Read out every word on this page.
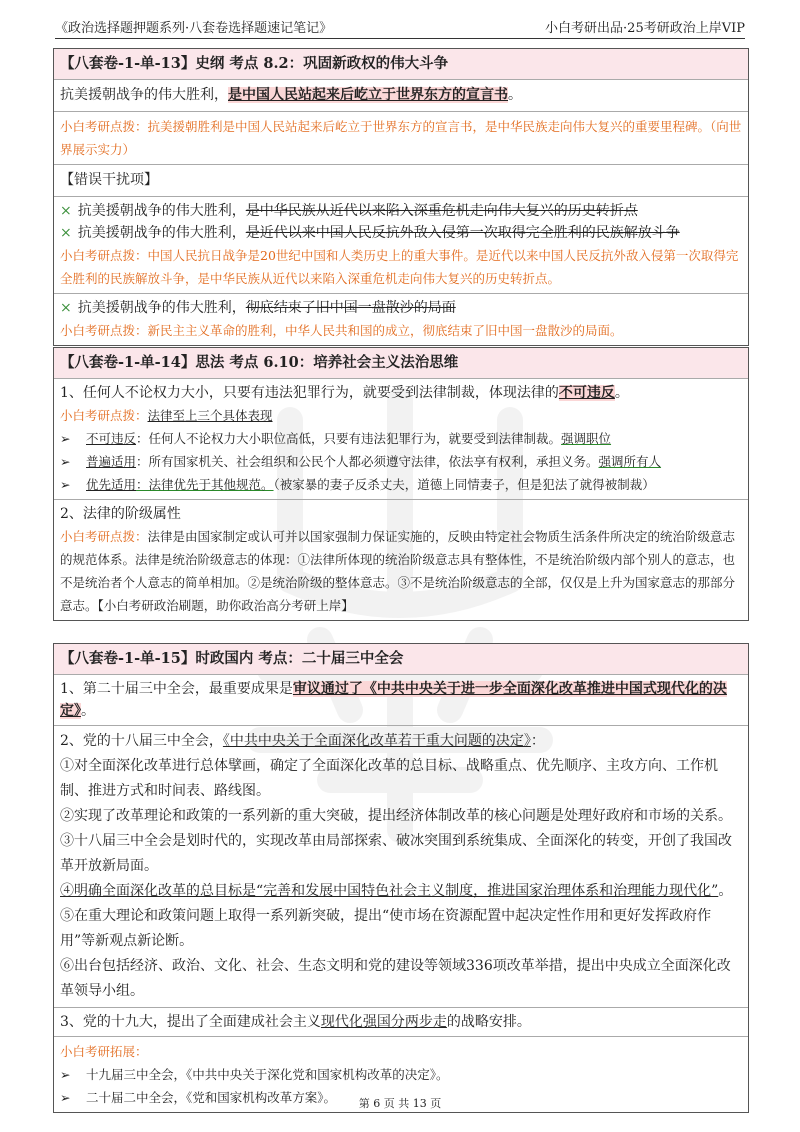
《政治选择题押题系列·八套卷选择题速记笔记》	小白考研出品·25考研政治上岸VIP
【八套卷-1-单-13】史纲 考点 8.2：巩固新政权的伟大斗争
抗美援朝战争的伟大胜利，是中国人民站起来后屹立于世界东方的宣言书。
小白考研点拨：抗美援朝胜利是中国人民站起来后屹立于世界东方的宣言书，是中华民族走向伟大复兴的重要里程碑。（向世界展示实力）
【错误干扰项】
× 抗美援朝战争的伟大胜利，是中华民族从近代以来陷入深重危机走向伟大复兴的历史转折点
× 抗美援朝战争的伟大胜利，是近代以来中国人民反抗外敌入侵第一次取得完全胜利的民族解放斗争
小白考研点拨：中国人民抗日战争是20世纪中国和人类历史上的重大事件。是近代以来中国人民反抗外敌入侵第一次取得完全胜利的民族解放斗争，是中华民族从近代以来陷入深重危机走向伟大复兴的历史转折点。
× 抗美援朝战争的伟大胜利，彻底结束了旧中国一盘散沙的局面
小白考研点拨：新民主主义革命的胜利，中华人民共和国的成立，彻底结束了旧中国一盘散沙的局面。
【八套卷-1-单-14】思法 考点 6.10：培养社会主义法治思维
1、任何人不论权力大小，只要有违法犯罪行为，就要受到法律制裁，体现法律的不可违反。
小白考研点拨：法律至上三个具体表现
➢ 不可违反：任何人不论权力大小职位高低，只要有违法犯罪行为，就要受到法律制裁。强调职位
➢ 普遍适用：所有国家机关、社会组织和公民个人都必须遵守法律，依法享有权利，承担义务。强调所有人
➢ 优先适用：法律优先于其他规范。（被家暴的妻子反杀丈夫，道德上同情妻子，但是犯法了就得被制裁）
2、法律的阶级属性
小白考研点拨：法律是由国家制定或认可并以国家强制力保证实施的，反映由特定社会物质生活条件所决定的统治阶级意志的规范体系。法律是统治阶级意志的体现：①法律所体现的统治阶级意志具有整体性，不是统治阶级内部个别人的意志，也不是统治者个人意志的简单相加。②是统治阶级的整体意志。③不是统治阶级意志的全部，仅仅是上升为国家意志的那部分意志。【小白考研政治刷题，助你政治高分考研上岸】
【八套卷-1-单-15】时政国内 考点：二十届三中全会
1、第二十届三中全会，最重要成果是审议通过了《中共中央关于进一步全面深化改革推进中国式现代化的决定》。
2、党的十八届三中全会，《中共中央关于全面深化改革若干重大问题的决定》：
①对全面深化改革进行总体擘画，确定了全面深化改革的总目标、战略重点、优先顺序、主攻方向、工作机制、推进方式和时间表、路线图。
②实现了改革理论和政策的一系列新的重大突破，提出经济体制改革的核心问题是处理好政府和市场的关系。
③十八届三中全会是划时代的，实现改革由局部探索、破冰突围到系统集成、全面深化的转变，开创了我国改革开放新局面。
④明确全面深化改革的总目标是“完善和发展中国特色社会主义制度，推进国家治理体系和治理能力现代化”。
⑤在重大理论和政策问题上取得一系列新突破，提出“使市场在资源配置中起决定性作用和更好发挥政府作用”等新观点新论断。
⑥出台包括经济、政治、文化、社会、生态文明和党的建设等领域336项改革举措，提出中央成立全面深化改革领导小组。
3、党的十九大，提出了全面建成社会主义现代化强国分两步走的战略安排。
小白考研拓展：
➢ 十九届三中全会，《中共中央关于深化党和国家机构改革的决定》。
➢ 二十届二中全会，《党和国家机构改革方案》。	第 6 页 共 13 页
